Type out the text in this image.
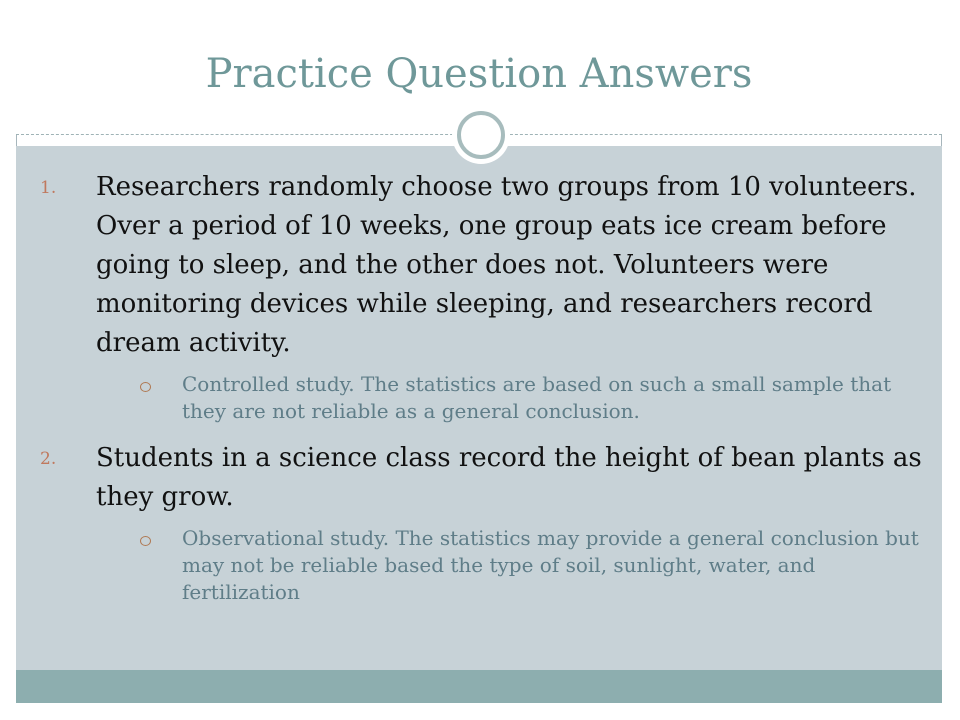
Practice Question Answers
1. Researchers randomly choose two groups from 10 volunteers. Over a period of 10 weeks, one group eats ice cream before going to sleep, and the other does not. Volunteers were monitoring devices while sleeping, and researchers record dream activity.
Controlled study. The statistics are based on such a small sample that they are not reliable as a general conclusion.
2. Students in a science class record the height of bean plants as they grow.
Observational study. The statistics may provide a general conclusion but may not be reliable based the type of soil, sunlight, water, and fertilization
